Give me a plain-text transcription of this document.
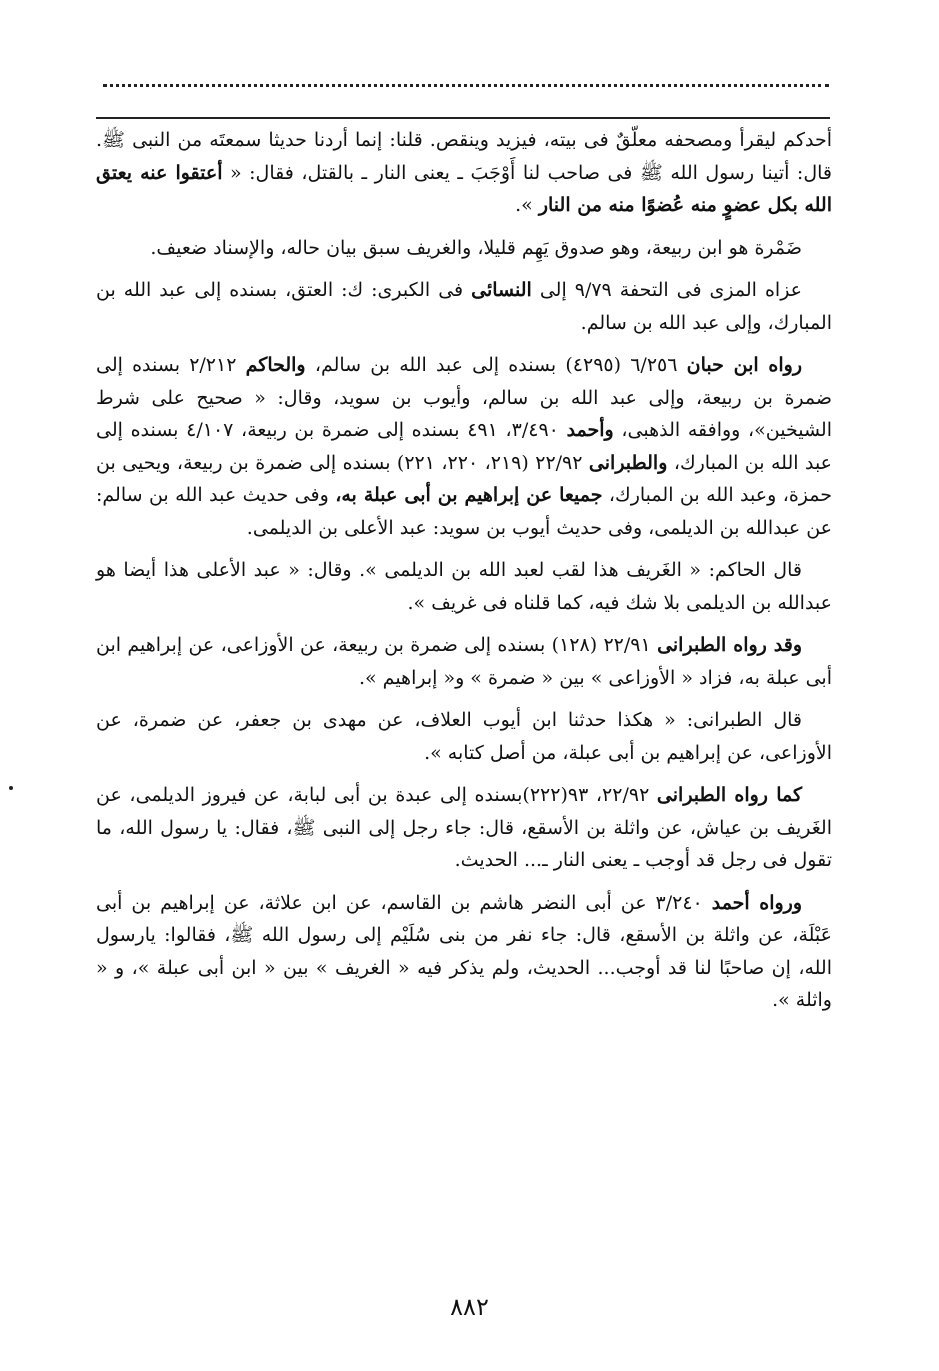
أحدكم ليقرأ ومصحفه معلّقٌ فى بيته، فيزيد وينقص. قلنا: إنما أردنا حديثا سمعتَه من النبى ﷺ. قال: أتينا رسول الله ﷺ فى صاحب لنا أَوْجَبَ ـ يعنى النار ـ بالقتل، فقال: « أعتقوا عنه يعتق الله بكل عضوٍ منه عُضوًا منه من النار ».

ضَمْرة هو ابن ربيعة، وهو صدوق يَهِم قليلا، والغريف سبق بيان حاله، والإسناد ضعيف.

عزاه المزى فى التحفة ٩/٧٩ إلى النسائى فى الكبرى: ك: العتق، بسنده إلى عبد الله بن المبارك، وإلى عبد الله بن سالم.

رواه ابن حبان ٦/٢٥٦ (٤٢٩٥) بسنده إلى عبد الله بن سالم، والحاكم ٢/٢١٢ بسنده إلى ضمرة بن ربيعة، وإلى عبد الله بن سالم، وأيوب بن سويد، وقال: « صحيح على شرط الشيخين»، ووافقه الذهبى، وأحمد ٣/٤٩٠، ٤٩١ بسنده إلى ضمرة بن ربيعة، ٤/١٠٧ بسنده إلى عبد الله بن المبارك، والطبرانى ٢٢/٩٢ (٢١٩، ٢٢٠، ٢٢١) بسنده إلى ضمرة بن ربيعة، ويحيى بن حمزة، وعبد الله بن المبارك، جميعا عن إبراهيم بن أبى عبلة به، وفى حديث عبد الله بن سالم: عن عبدالله بن الديلمى، وفى حديث أيوب بن سويد: عبد الأعلى بن الديلمى.

قال الحاكم: « الغَريف هذا لقب لعبد الله بن الديلمى ». وقال: « عبد الأعلى هذا أيضا هو عبدالله بن الديلمى بلا شك فيه، كما قلناه فى غريف ».

وقد رواه الطبرانى ٢٢/٩١ (١٢٨) بسنده إلى ضمرة بن ربيعة، عن الأوزاعى، عن إبراهيم ابن أبى عبلة به، فزاد « الأوزاعى » بين « ضمرة » و« إبراهيم ».

قال الطبرانى: « هكذا حدثنا ابن أيوب العلاف، عن مهدى بن جعفر، عن ضمرة، عن الأوزاعى، عن إبراهيم بن أبى عبلة، من أصل كتابه ».

كما رواه الطبرانى ٢٢/٩٢، ٩٣(٢٢٢)بسنده إلى عبدة بن أبى لبابة، عن فيروز الديلمى، عن الغَريف بن عياش، عن واثلة بن الأسقع، قال: جاء رجل إلى النبى ﷺ، فقال: يا رسول الله، ما تقول فى رجل قد أوجب ـ يعنى النار ـ... الحديث.

ورواه أحمد ٣/٢٤٠ عن أبى النضر هاشم بن القاسم، عن ابن علاثة، عن إبراهيم بن أبى عَبْلَة، عن واثلة بن الأسقع، قال: جاء نفر من بنى سُلَيْم إلى رسول الله ﷺ، فقالوا: يارسول الله، إن صاحبًا لنا قد أوجب... الحديث، ولم يذكر فيه « الغريف » بين « ابن أبى عبلة »، و « واثلة ».

٨٨٢
